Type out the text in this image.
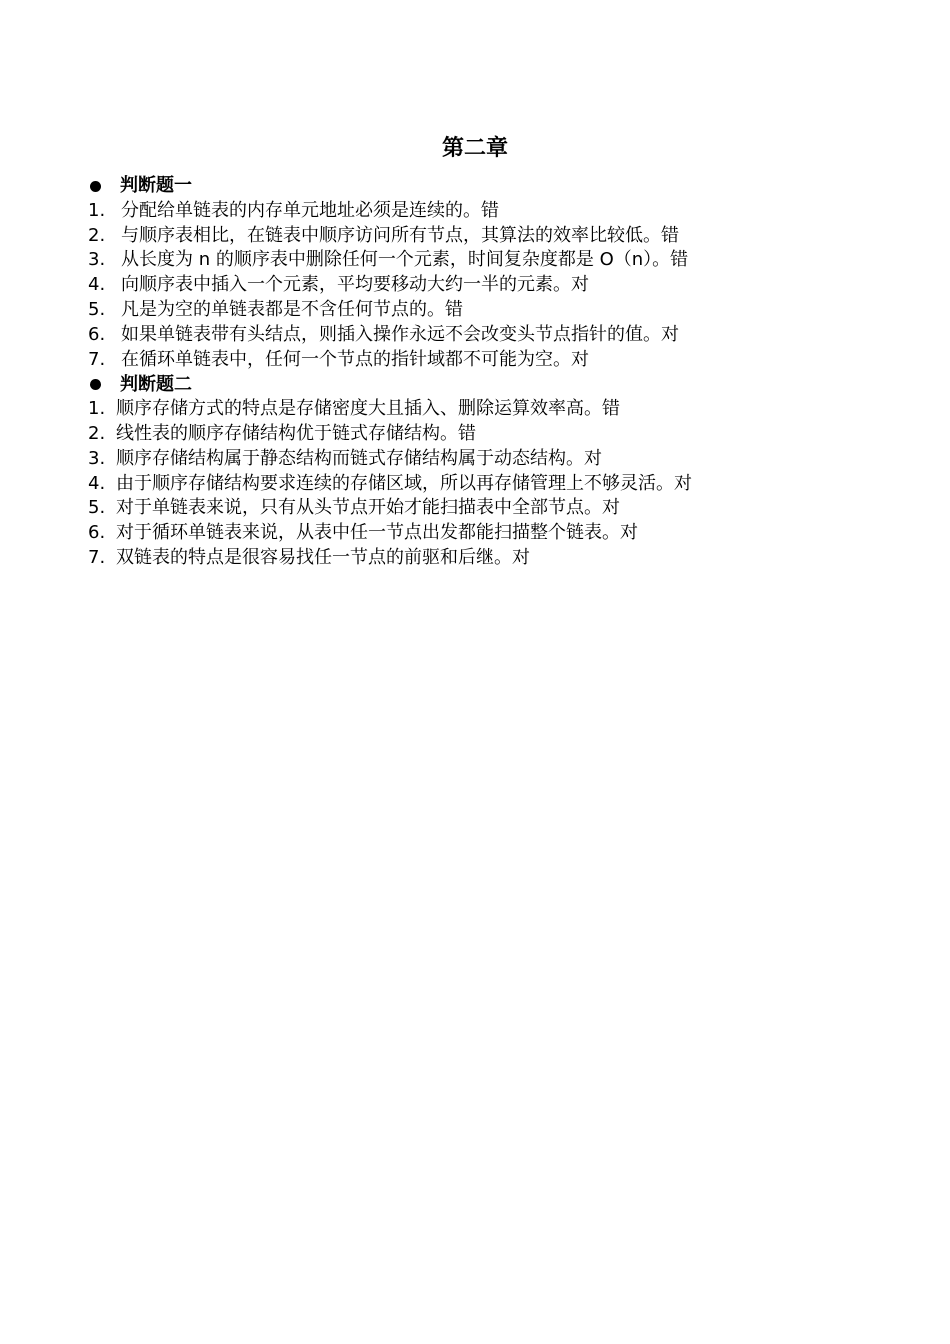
第二章
判断题一
1. 分配给单链表的内存单元地址必须是连续的。错
2. 与顺序表相比，在链表中顺序访问所有节点，其算法的效率比较低。错
3. 从长度为 n 的顺序表中删除任何一个元素，时间复杂度都是 O（n）。错
4. 向顺序表中插入一个元素，平均要移动大约一半的元素。对
5. 凡是为空的单链表都是不含任何节点的。错
6. 如果单链表带有头结点，则插入操作永远不会改变头节点指针的值。对
7. 在循环单链表中，任何一个节点的指针域都不可能为空。对
判断题二
1. 顺序存储方式的特点是存储密度大且插入、删除运算效率高。错
2. 线性表的顺序存储结构优于链式存储结构。错
3. 顺序存储结构属于静态结构而链式存储结构属于动态结构。对
4. 由于顺序存储结构要求连续的存储区域，所以再存储管理上不够灵活。对
5. 对于单链表来说，只有从头节点开始才能扫描表中全部节点。对
6. 对于循环单链表来说，从表中任一节点出发都能扫描整个链表。对
7. 双链表的特点是很容易找任一节点的前驱和后继。对
